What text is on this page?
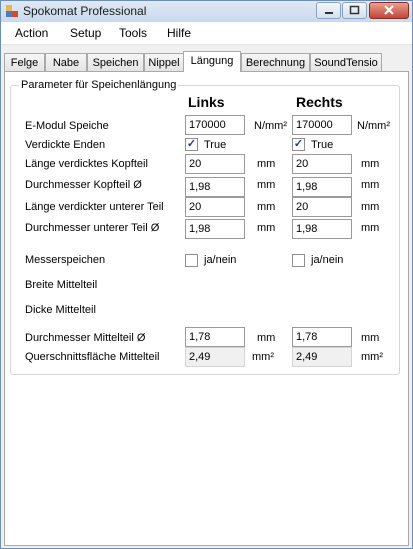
Spokomat Professional
Action Setup Tools Hilfe
Felge	Nabe	Speichen Nippel Längung	Berechnung SoundTensio
Parameter für Speichenlängung
Links	Rechts
E-Modul Speiche	170000	N/mm² 170000	N/mm²
Verdickte Enden ✓	True ✓	True
Länge verdicktes Kopfteil	20	mm	20	mm
Durchmesser Kopfteil Ø	1,98	mm	1,98	mm
Länge verdickter unterer Teil	20	mm	20	mm
Durchmesser unterer Teil Ø	1,98	mm	1,98	mm
Messerspeichen	ja/nein	ja/nein
Breite Mittelteil
Dicke Mittelteil
Durchmesser Mittelteil Ø	1,78	mm	1,78	mm
Querschnittsfläche Mittelteil	2,49	mm²	2,49	mm²
